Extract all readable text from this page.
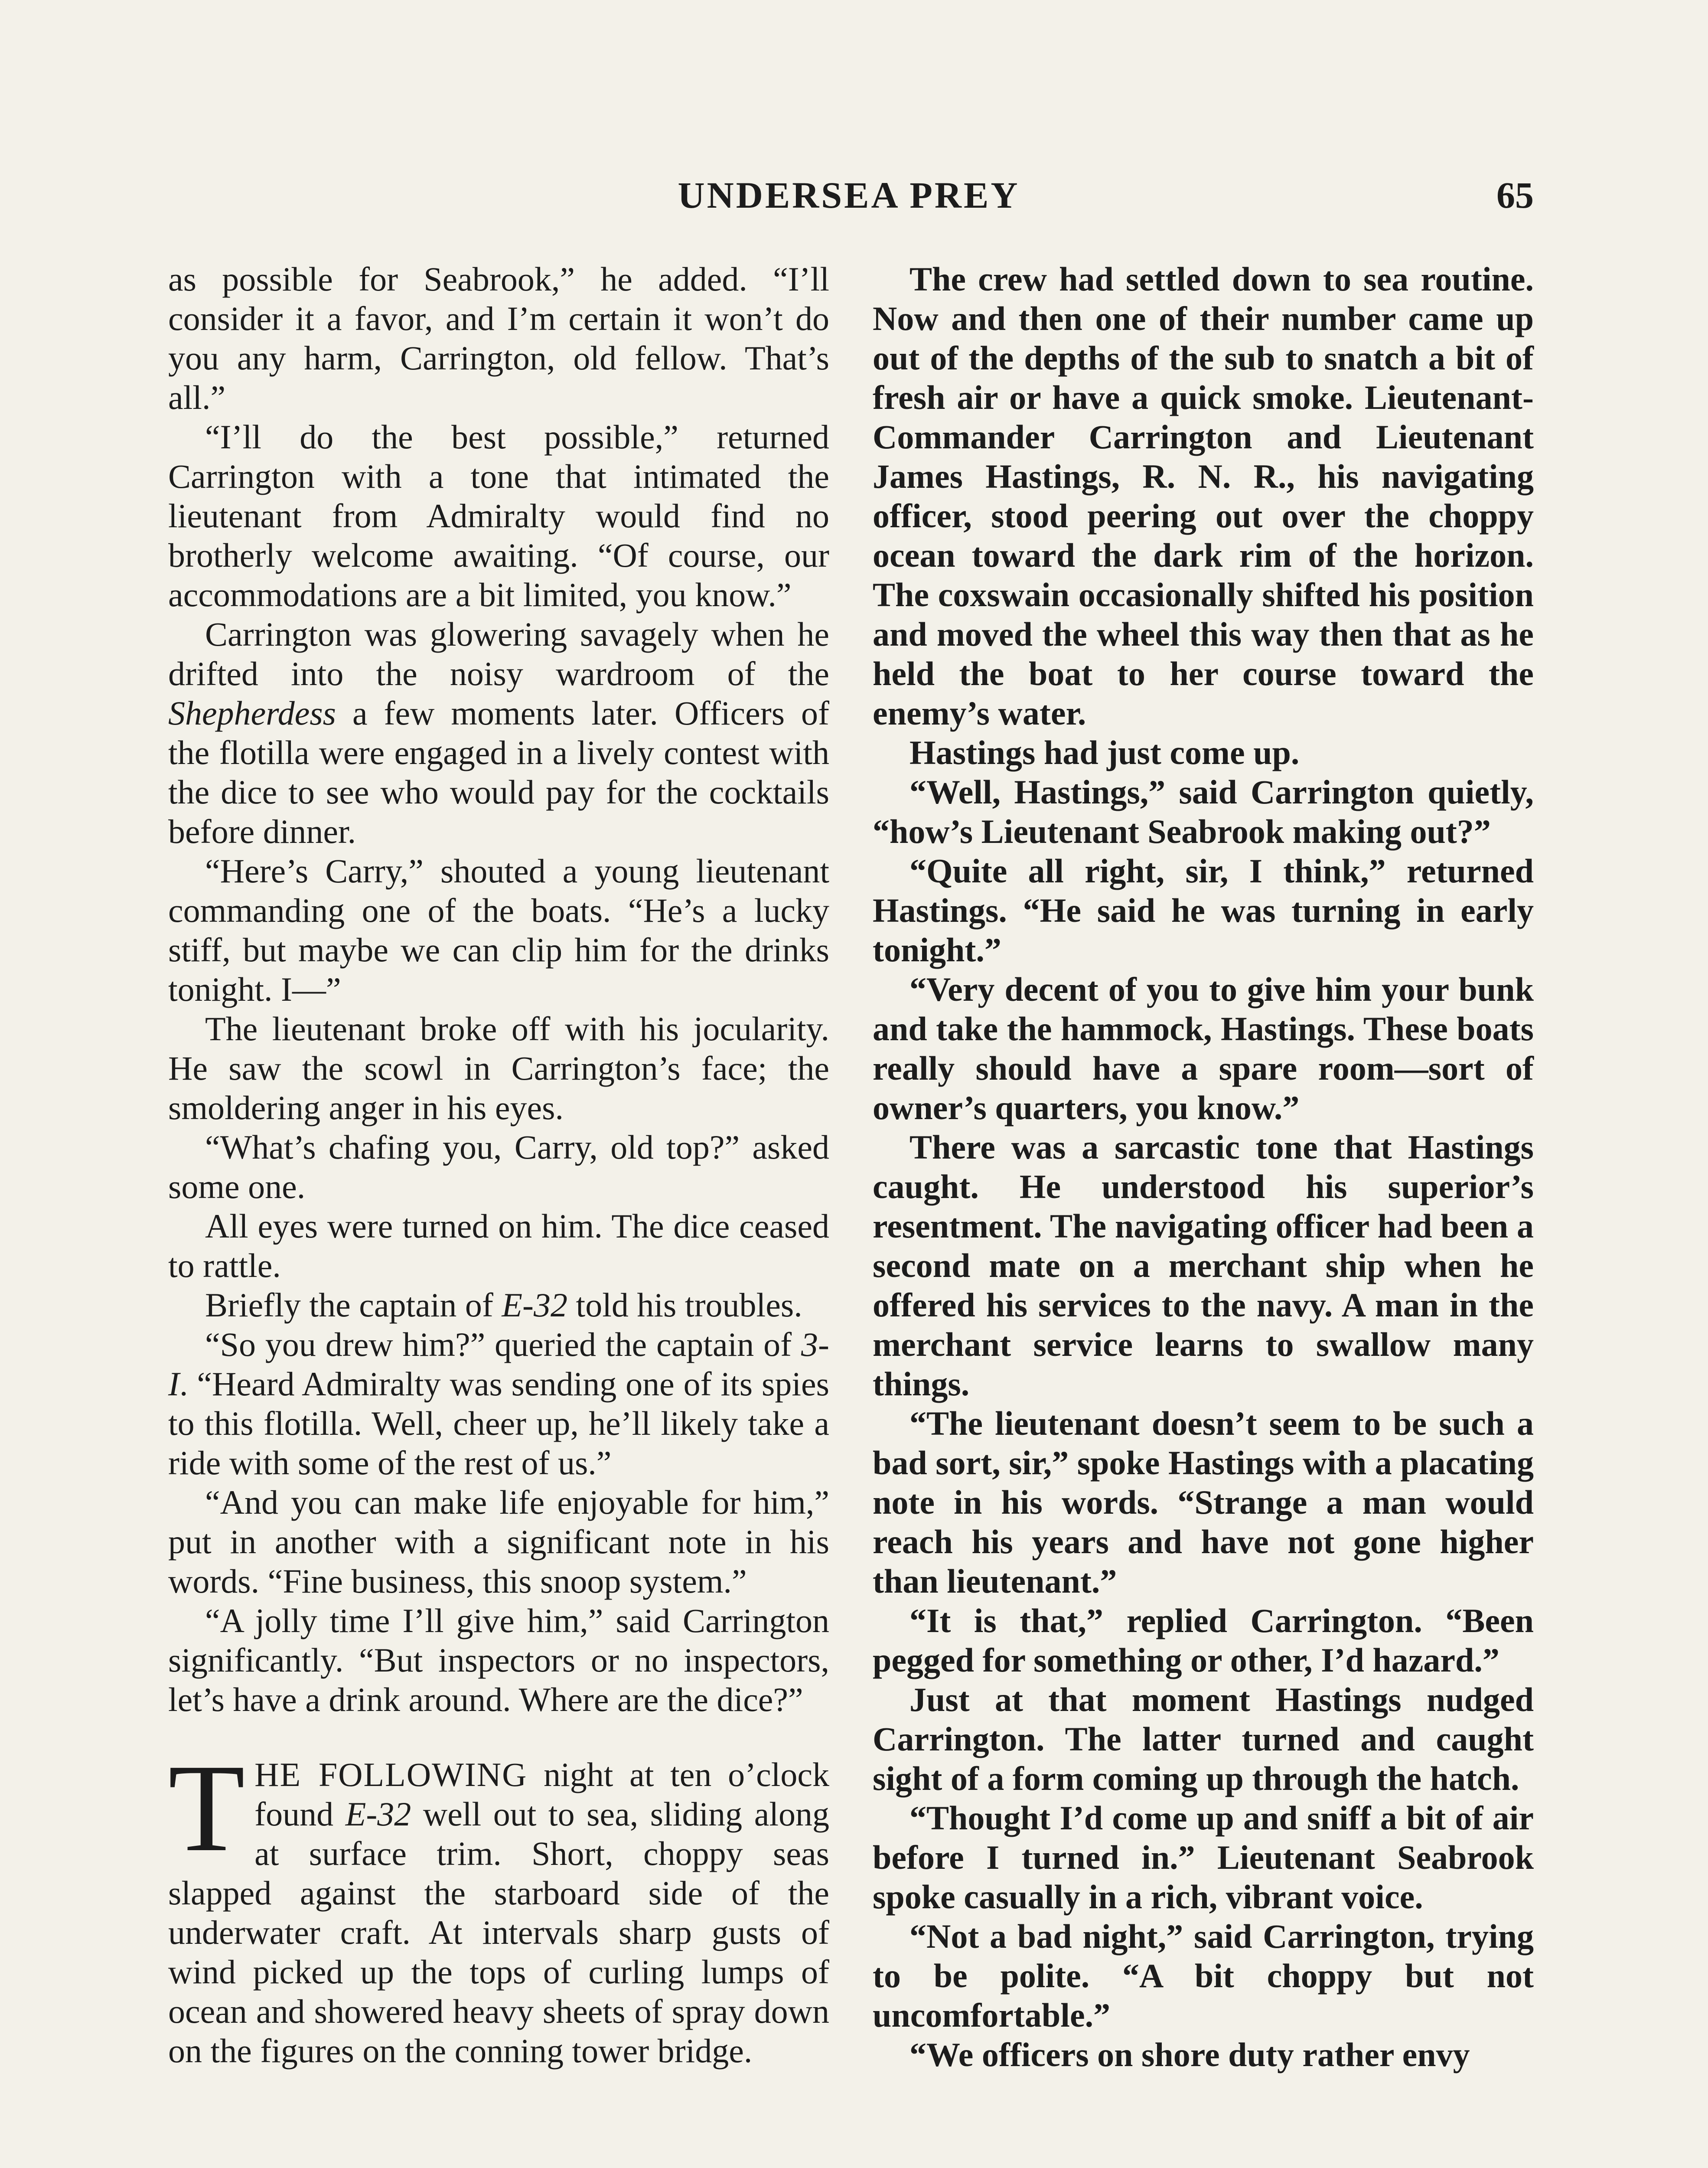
UNDERSEA PREY	65

as possible for Seabrook,” he added. “I’ll consider it a favor, and I’m certain it won’t do you any harm, Carrington, old fellow. That’s all.”

“I’ll do the best possible,” returned Carrington with a tone that intimated the lieutenant from Admiralty would find no brotherly welcome awaiting. “Of course, our accommodations are a bit limited, you know.”

Carrington was glowering savagely when he drifted into the noisy wardroom of the Shepherdess a few moments later. Officers of the flotilla were engaged in a lively contest with the dice to see who would pay for the cocktails before dinner.

“Here’s Carry,” shouted a young lieutenant commanding one of the boats. “He’s a lucky stiff, but maybe we can clip him for the drinks tonight. I—”

The lieutenant broke off with his jocularity. He saw the scowl in Carrington’s face; the smoldering anger in his eyes.

“What’s chafing you, Carry, old top?” asked some one.

All eyes were turned on him. The dice ceased to rattle.

Briefly the captain of E-32 told his troubles.

“So you drew him?” queried the captain of 3-I. “Heard Admiralty was sending one of its spies to this flotilla. Well, cheer up, he’ll likely take a ride with some of the rest of us.”

“And you can make life enjoyable for him,” put in another with a significant note in his words. “Fine business, this snoop system.”

“A jolly time I’ll give him,” said Carrington significantly. “But inspectors or no inspectors, let’s have a drink around. Where are the dice?”

THE FOLLOWING night at ten o’clock found E-32 well out to sea, sliding along at surface trim. Short, choppy seas slapped against the starboard side of the underwater craft. At intervals sharp gusts of wind picked up the tops of curling lumps of ocean and showered heavy sheets of spray down on the figures on the conning tower bridge.

The crew had settled down to sea routine. Now and then one of their number came up out of the depths of the sub to snatch a bit of fresh air or have a quick smoke. Lieutenant-Commander Carrington and Lieutenant James Hastings, R. N. R., his navigating officer, stood peering out over the choppy ocean toward the dark rim of the horizon. The coxswain occasionally shifted his position and moved the wheel this way then that as he held the boat to her course toward the enemy’s water.

Hastings had just come up.

“Well, Hastings,” said Carrington quietly, “how’s Lieutenant Seabrook making out?”

“Quite all right, sir, I think,” returned Hastings. “He said he was turning in early tonight.”

“Very decent of you to give him your bunk and take the hammock, Hastings. These boats really should have a spare room—sort of owner’s quarters, you know.”

There was a sarcastic tone that Hastings caught. He understood his superior’s resentment. The navigating officer had been a second mate on a merchant ship when he offered his services to the navy. A man in the merchant service learns to swallow many things.

“The lieutenant doesn’t seem to be such a bad sort, sir,” spoke Hastings with a placating note in his words. “Strange a man would reach his years and have not gone higher than lieutenant.”

“It is that,” replied Carrington. “Been pegged for something or other, I’d hazard.”

Just at that moment Hastings nudged Carrington. The latter turned and caught sight of a form coming up through the hatch.

“Thought I’d come up and sniff a bit of air before I turned in.” Lieutenant Seabrook spoke casually in a rich, vibrant voice.

“Not a bad night,” said Carrington, trying to be polite. “A bit choppy but not uncomfortable.”

“We officers on shore duty rather envy
